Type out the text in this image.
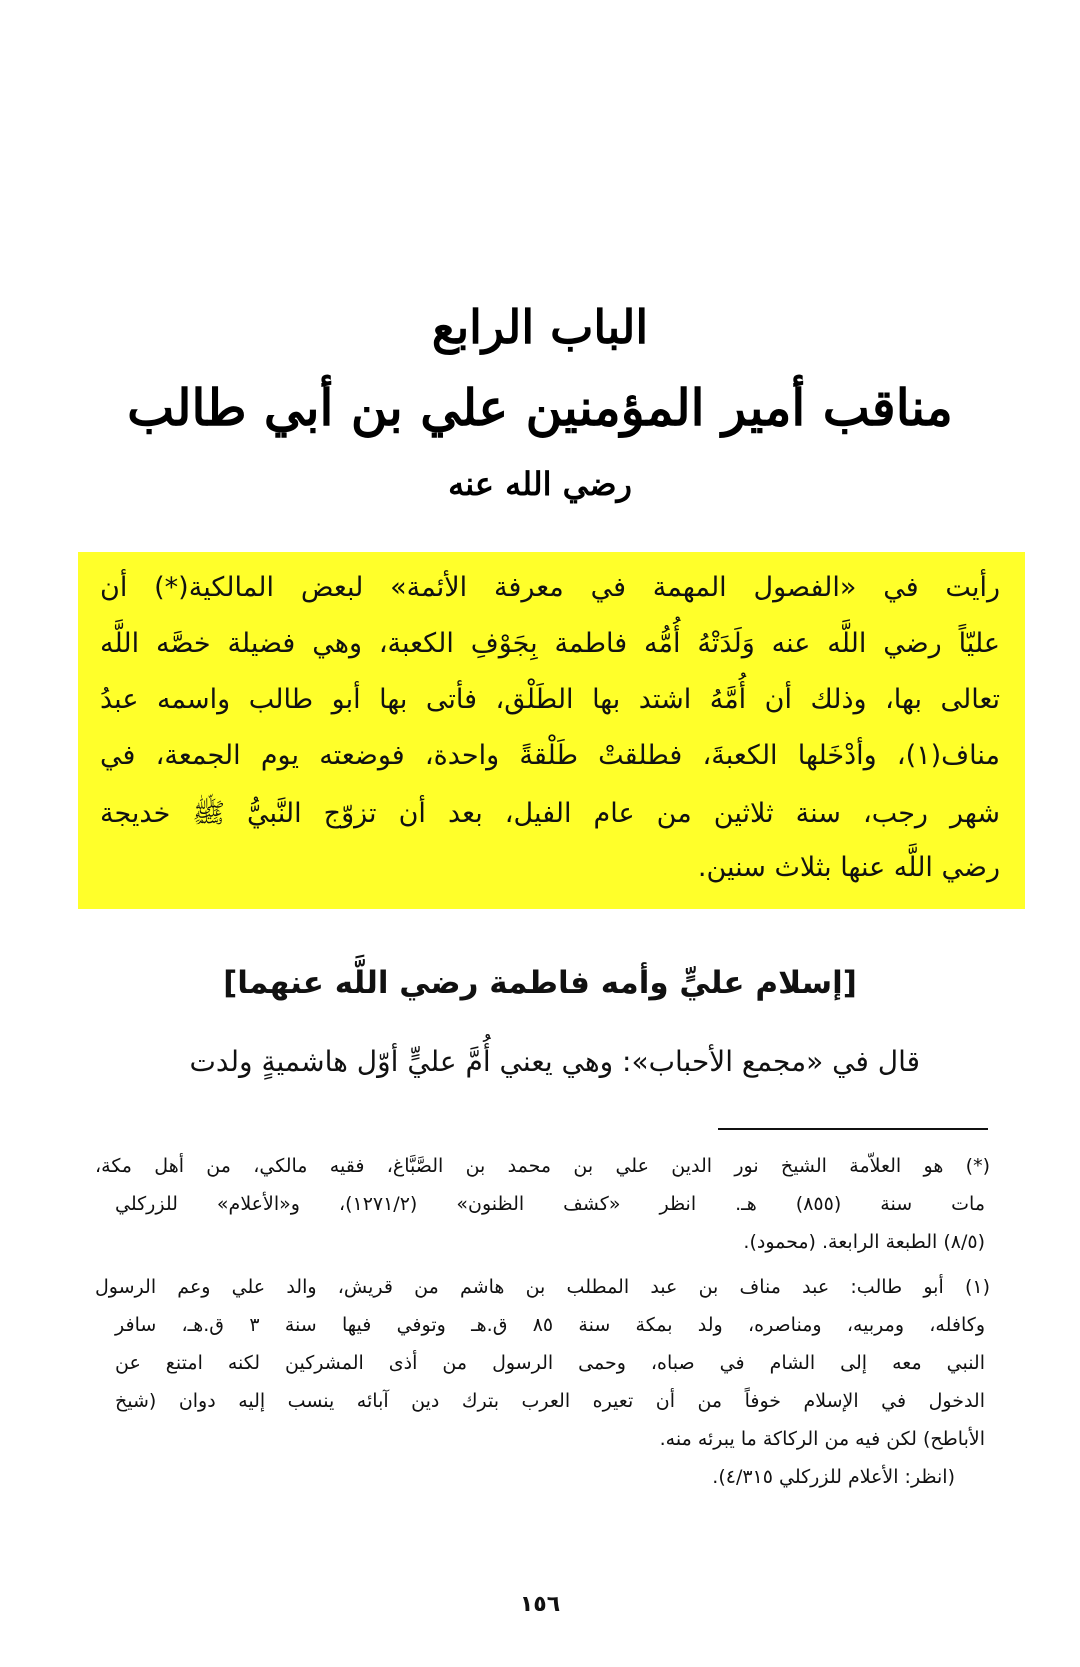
الباب الرابع
مناقب أمير المؤمنين علي بن أبي طالب
رضي الله عنه
رأيت في «الفصول المهمة في معرفة الأئمة» لبعض المالكية(*) أن
عليّاً رضي اللَّه عنه وَلَدَتْهُ أُمُّه فاطمة بِجَوْفِ الكعبة، وهي فضيلة خصَّه اللَّه
تعالى بها، وذلك أن أُمَّهُ اشتد بها الطَلْق، فأتى بها أبو طالب واسمه عبدُ
مناف(١)، وأدْخَلها الكعبةَ، فطلقتْ طَلْقةً واحدة، فوضعته يوم الجمعة، في
شهر رجب، سنة ثلاثين من عام الفيل، بعد أن تزوّج النَّبيُّ ﷺ خديجة
رضي اللَّه عنها بثلاث سنين.
[إسلام عليٍّ وأمه فاطمة رضي اللَّه عنهما]
قال في «مجمع الأحباب»: وهي يعني أُمَّ عليٍّ أوّل هاشميةٍ ولدت
(*) هو العلاّمة الشيخ نور الدين علي بن محمد بن الصَّبَّاغ، فقيه مالكي، من أهل مكة،
مات سنة (٨٥٥) هـ. انظر «كشف الظنون» (١٢٧١/٢)، و«الأعلام» للزركلي
(٨/٥) الطبعة الرابعة. (محمود).
(١) أبو طالب: عبد مناف بن عبد المطلب بن هاشم من قريش، والد علي وعم الرسول
وكافله، ومربيه، ومناصره، ولد بمكة سنة ٨٥ ق.هـ وتوفي فيها سنة ٣ ق.هـ، سافر
النبي معه إلى الشام في صباه، وحمى الرسول من أذى المشركين لكنه امتنع عن
الدخول في الإسلام خوفاً من أن تعيره العرب بترك دين آبائه ينسب إليه دوان (شيخ
الأباطح) لكن فيه من الركاكة ما يبرئه منه.
(انظر: الأعلام للزركلي ٤/٣١٥).
١٥٦
